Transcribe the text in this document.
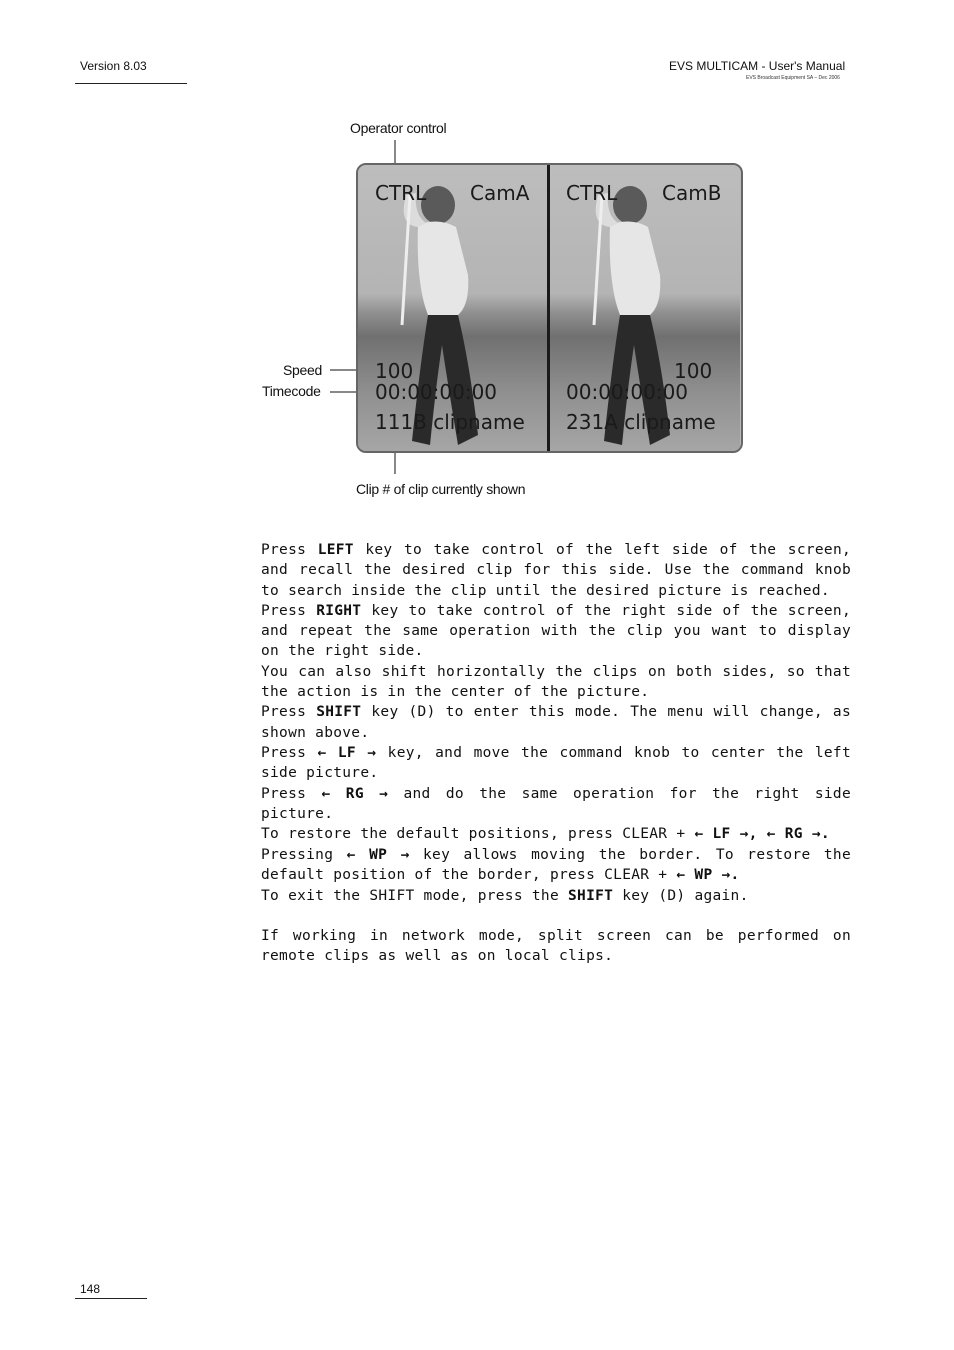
Version 8.03	EVS MULTICAM - User's Manual
EVS Broadcast Equipment SA – Dec 2006
Operator control
Speed
Timecode
Clip # of clip currently shown
CTRL CamA
100
00:00:00:00
111B clipname
CTRL CamB
100
00:00:00:00
231A clipname

Press LEFT key to take control of the left side of the screen, and recall the desired clip for this side. Use the command knob to search inside the clip until the desired picture is reached.

Press RIGHT key to take control of the right side of the screen, and repeat the same operation with the clip you want to display on the right side.

You can also shift horizontally the clips on both sides, so that the action is in the center of the picture.

Press SHIFT key (D) to enter this mode. The menu will change, as shown above.

Press ← LF → key, and move the command knob to center the left side picture.

Press ← RG → and do the same operation for the right side picture.

To restore the default positions, press CLEAR + ← LF →, ← RG →.

Pressing ← WP → key allows moving the border. To restore the default position of the border, press CLEAR + ← WP →.

To exit the SHIFT mode, press the SHIFT key (D) again.

If working in network mode, split screen can be performed on remote clips as well as on local clips.

148
